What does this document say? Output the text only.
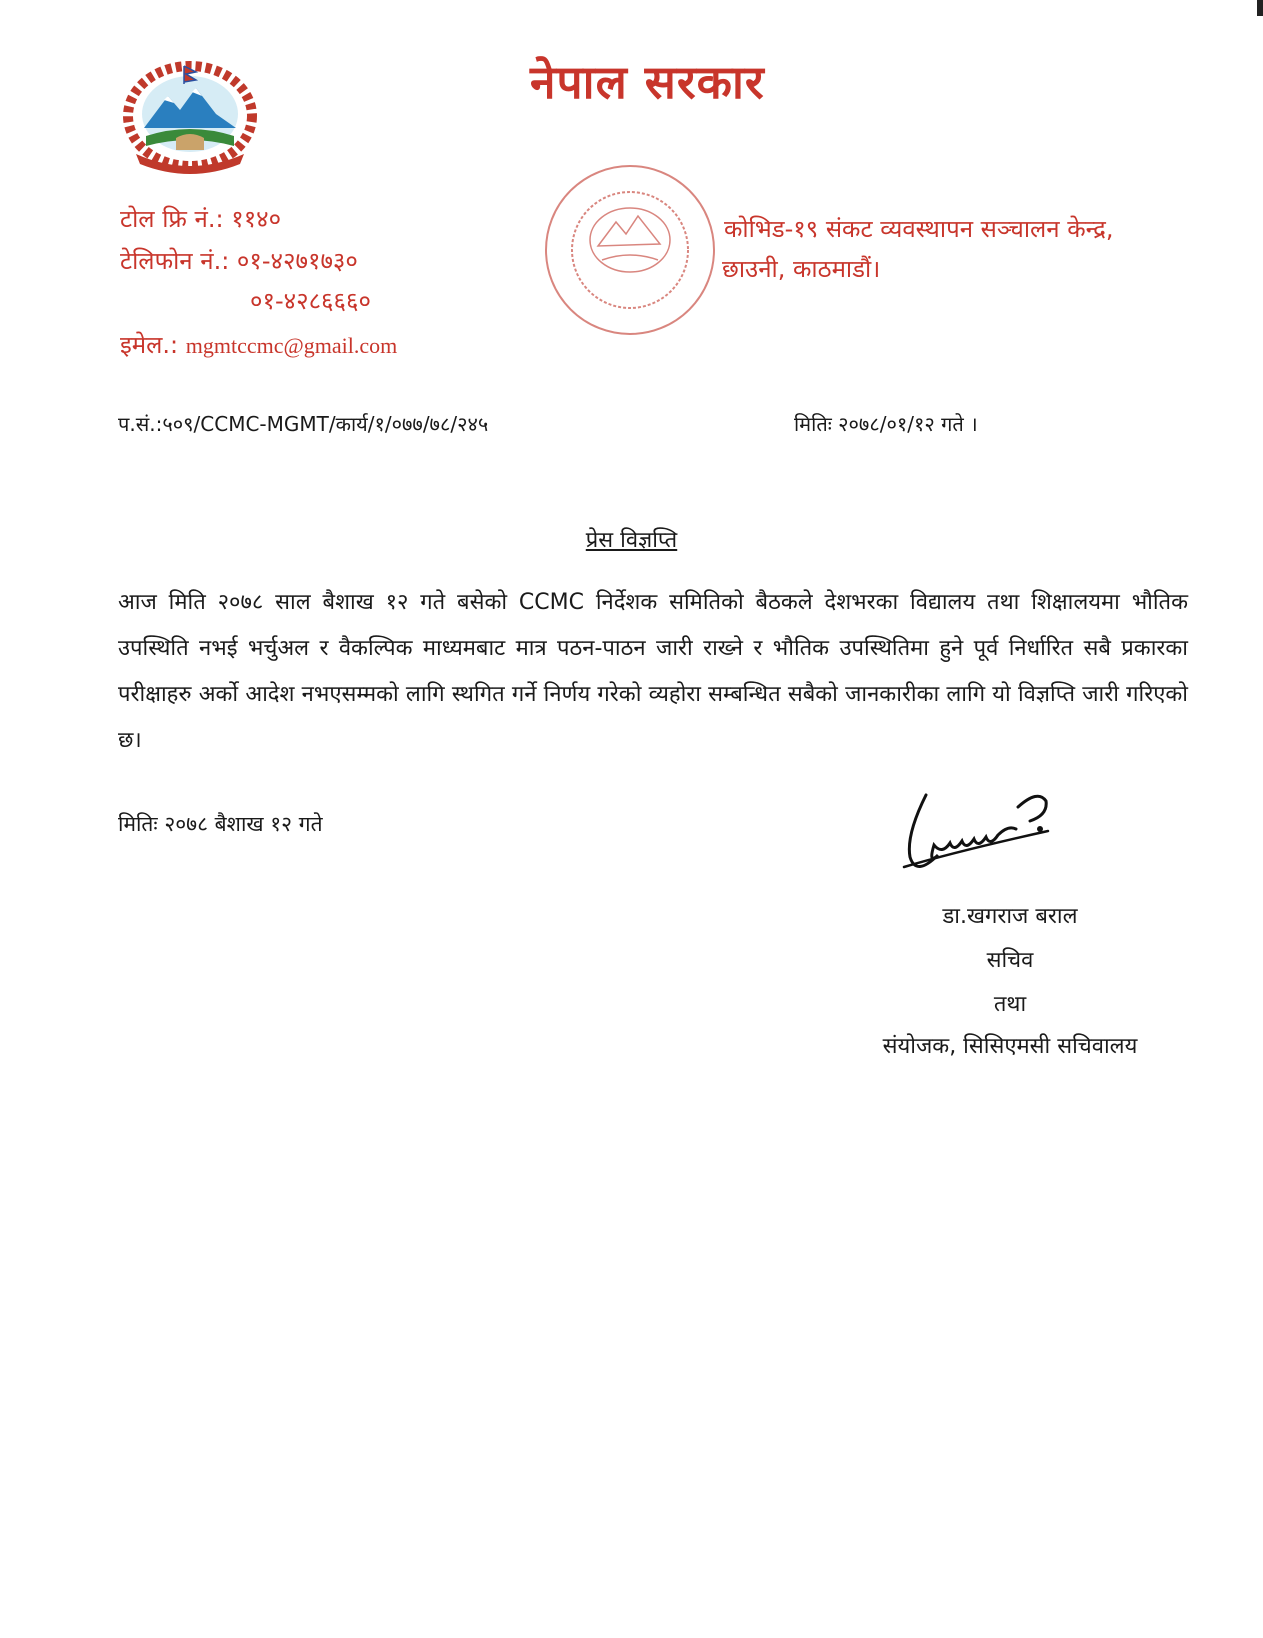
नेपाल सरकार
टोल फ्रि नं.: ११४०
टेलिफोन नं.: ०१-४२७१७३०
०१-४२८६६६०
इमेल.: mgmtccmc@gmail.com
कोभिड-१९ संकट व्यवस्थापन सञ्चालन केन्द्र,
छाउनी, काठमाडौं।
प.सं.:५०९/CCMC-MGMT/कार्य/१/०७७/७८/२४५	मितिः २०७८/०१/१२ गते ।
प्रेस विज्ञप्ति
आज मिति २०७८ साल बैशाख १२ गते बसेको CCMC निर्देशक समितिको बैठकले देशभरका विद्यालय तथा शिक्षालयमा भौतिक उपस्थिति नभई भर्चुअल र वैकल्पिक माध्यमबाट मात्र पठन-पाठन जारी राख्ने र भौतिक उपस्थितिमा हुने पूर्व निर्धारित सबै प्रकारका परीक्षाहरु अर्को आदेश नभएसम्मको लागि स्थगित गर्ने निर्णय गरेको व्यहोरा सम्बन्धित सबैको जानकारीका लागि यो विज्ञप्ति जारी गरिएको छ।
मितिः २०७८ बैशाख १२ गते
डा.खगराज बराल
सचिव
तथा
संयोजक, सिसिएमसी सचिवालय
